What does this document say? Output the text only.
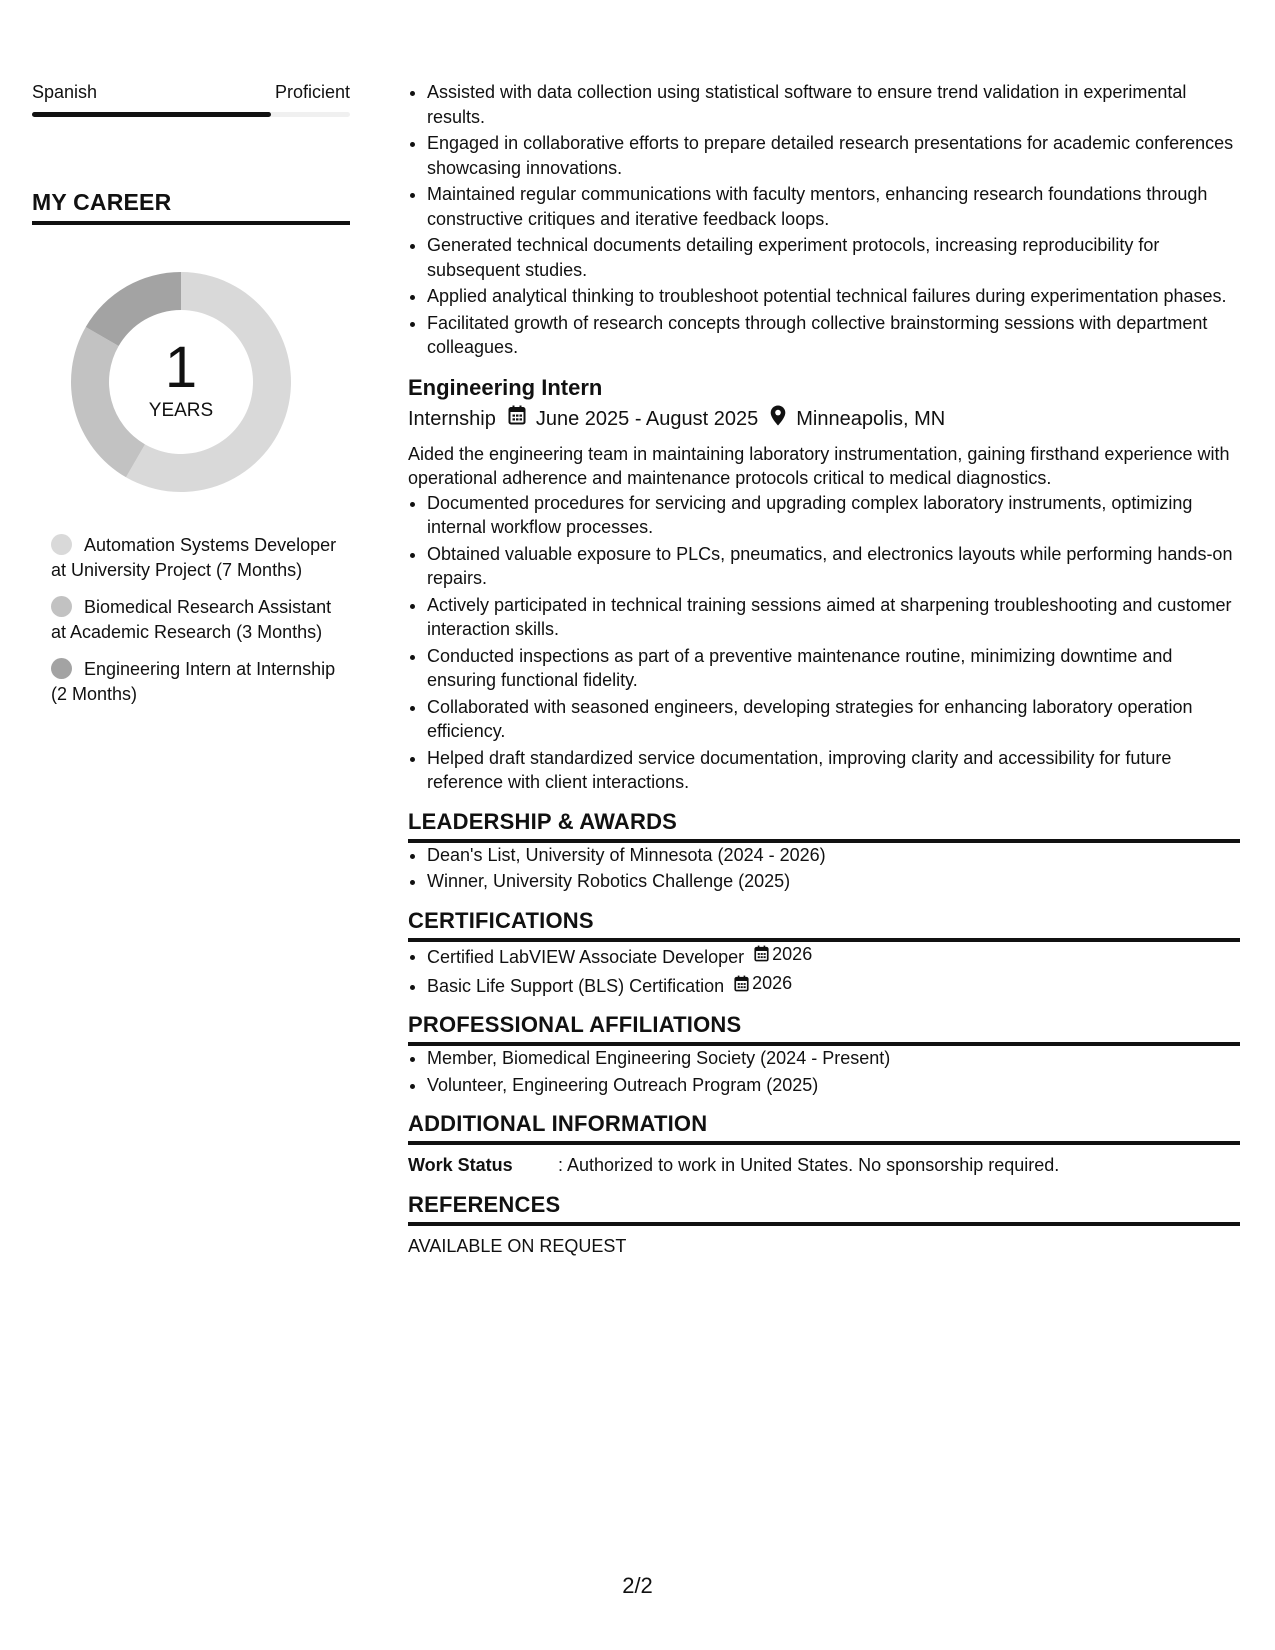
Spanish	Proficient
MY CAREER
1
YEARS
Automation Systems Developer at University Project (7 Months)
Biomedical Research Assistant at Academic Research (3 Months)
Engineering Intern at Internship (2 Months)
• Assisted with data collection using statistical software to ensure trend validation in experimental results.
• Engaged in collaborative efforts to prepare detailed research presentations for academic conferences showcasing innovations.
• Maintained regular communications with faculty mentors, enhancing research foundations through constructive critiques and iterative feedback loops.
• Generated technical documents detailing experiment protocols, increasing reproducibility for subsequent studies.
• Applied analytical thinking to troubleshoot potential technical failures during experimentation phases.
• Facilitated growth of research concepts through collective brainstorming sessions with department colleagues.
Engineering Intern
Internship June 2025 - August 2025 Minneapolis, MN
Aided the engineering team in maintaining laboratory instrumentation, gaining firsthand experience with operational adherence and maintenance protocols critical to medical diagnostics.
• Documented procedures for servicing and upgrading complex laboratory instruments, optimizing internal workflow processes.
• Obtained valuable exposure to PLCs, pneumatics, and electronics layouts while performing hands-on repairs.
• Actively participated in technical training sessions aimed at sharpening troubleshooting and customer interaction skills.
• Conducted inspections as part of a preventive maintenance routine, minimizing downtime and ensuring functional fidelity.
• Collaborated with seasoned engineers, developing strategies for enhancing laboratory operation efficiency.
• Helped draft standardized service documentation, improving clarity and accessibility for future reference with client interactions.
LEADERSHIP & AWARDS
• Dean's List, University of Minnesota (2024 - 2026)
• Winner, University Robotics Challenge (2025)
CERTIFICATIONS
• Certified LabVIEW Associate Developer 2026
• Basic Life Support (BLS) Certification 2026
PROFESSIONAL AFFILIATIONS
• Member, Biomedical Engineering Society (2024 - Present)
• Volunteer, Engineering Outreach Program (2025)
ADDITIONAL INFORMATION
Work Status	: Authorized to work in United States. No sponsorship required.
REFERENCES
AVAILABLE ON REQUEST
2/2
